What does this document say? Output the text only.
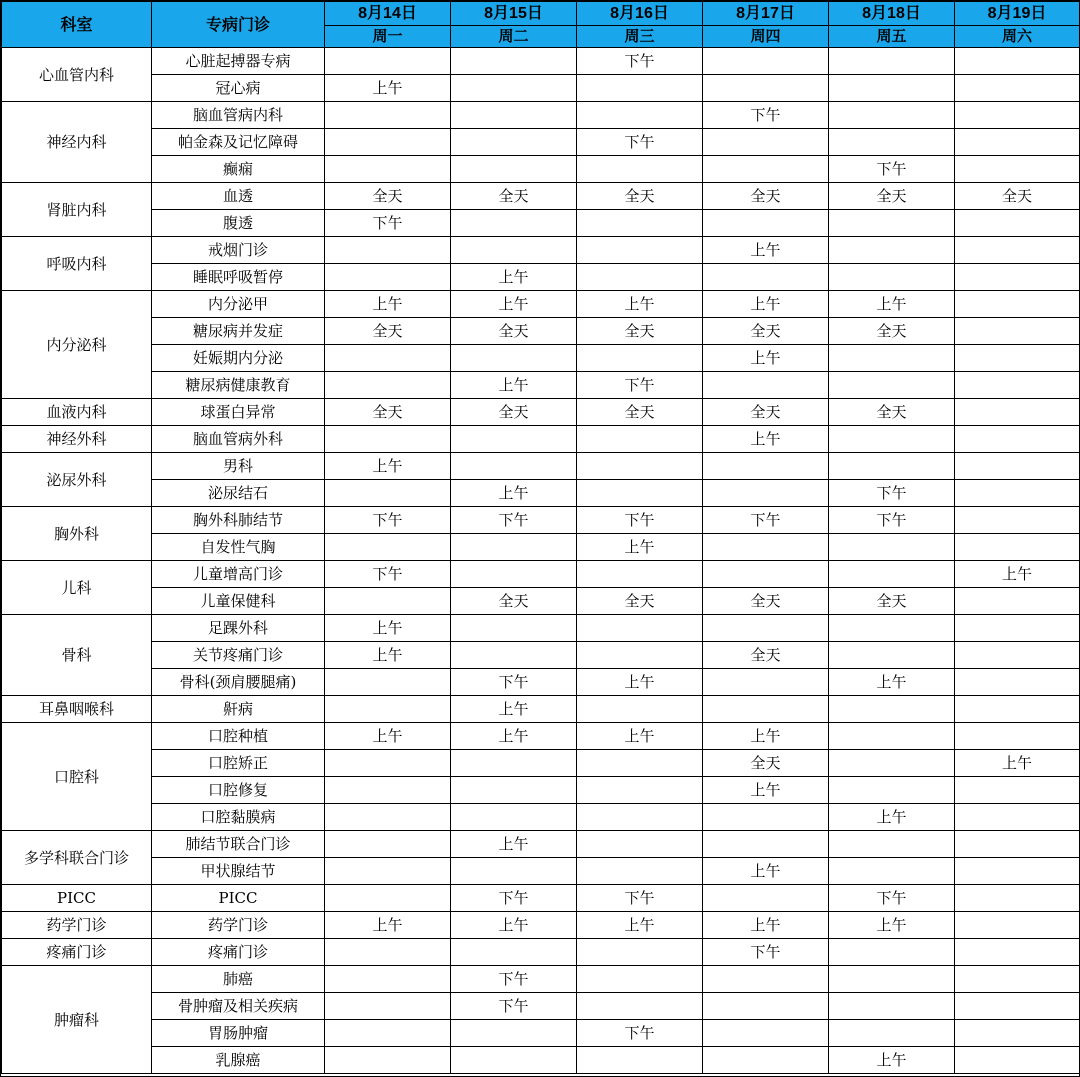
科室	专病门诊	8月14日	8月15日	8月16日	8月17日	8月18日	8月19日
		周一	周二	周三	周四	周五	周六
心血管内科	心脏起搏器专病			下午			
	冠心病	上午					
神经内科	脑血管病内科				下午		
	帕金森及记忆障碍			下午			
	癫痫					下午	
肾脏内科	血透	全天	全天	全天	全天	全天	全天
	腹透	下午					
呼吸内科	戒烟门诊				上午		
	睡眠呼吸暂停		上午				
内分泌科	内分泌甲	上午	上午	上午	上午	上午	
	糖尿病并发症	全天	全天	全天	全天	全天	
	妊娠期内分泌				上午		
	糖尿病健康教育		上午	下午			
血液内科	球蛋白异常	全天	全天	全天	全天	全天	
神经外科	脑血管病外科				上午		
泌尿外科	男科	上午					
	泌尿结石		上午			下午	
胸外科	胸外科肺结节	下午	下午	下午	下午	下午	
	自发性气胸			上午			
儿科	儿童增高门诊	下午					上午
	儿童保健科		全天	全天	全天	全天	
骨科	足踝外科	上午					
	关节疼痛门诊	上午			全天		
	骨科(颈肩腰腿痛)		下午	上午		上午	
耳鼻咽喉科	鼾病		上午				
口腔科	口腔种植	上午	上午	上午	上午		
	口腔矫正				全天		上午
	口腔修复				上午		
	口腔黏膜病					上午	
多学科联合门诊	肺结节联合门诊		上午				
	甲状腺结节				上午		
PICC	PICC		下午	下午		下午	
药学门诊	药学门诊	上午	上午	上午	上午	上午	
疼痛门诊	疼痛门诊				下午		
肿瘤科	肺癌		下午				
	骨肿瘤及相关疾病		下午				
	胃肠肿瘤			下午			
	乳腺癌					上午	
